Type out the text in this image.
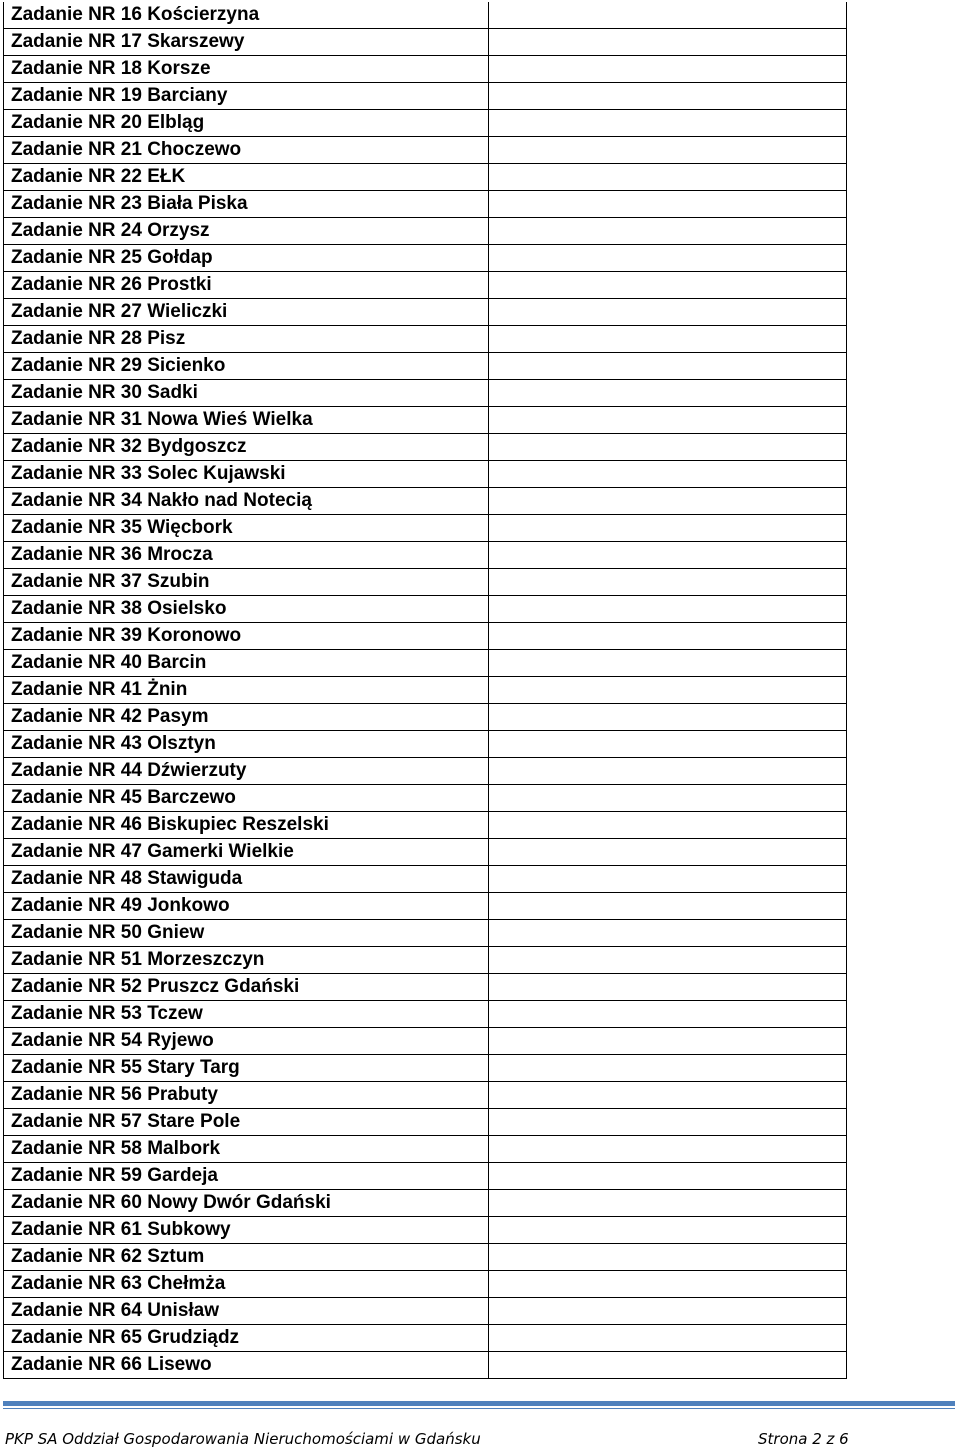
Zadanie NR 16 Kościerzyna		
Zadanie NR 17 Skarszewy		
Zadanie NR 18 Korsze		
Zadanie NR 19 Barciany		
Zadanie NR 20 Elbląg		
Zadanie NR 21 Choczewo		
Zadanie NR 22 EŁK		
Zadanie NR 23 Biała Piska		
Zadanie NR 24 Orzysz		
Zadanie NR 25 Gołdap		
Zadanie NR 26 Prostki		
Zadanie NR 27 Wieliczki		
Zadanie NR 28 Pisz		
Zadanie NR 29 Sicienko		
Zadanie NR 30 Sadki		
Zadanie NR 31 Nowa Wieś Wielka		
Zadanie NR 32 Bydgoszcz		
Zadanie NR 33 Solec Kujawski		
Zadanie NR 34 Nakło nad Notecią		
Zadanie NR 35 Więcbork		
Zadanie NR 36 Mrocza		
Zadanie NR 37 Szubin		
Zadanie NR 38 Osielsko		
Zadanie NR 39 Koronowo		
Zadanie NR 40 Barcin		
Zadanie NR 41 Żnin		
Zadanie NR 42 Pasym		
Zadanie NR 43 Olsztyn		
Zadanie NR 44 Dźwierzuty		
Zadanie NR 45 Barczewo		
Zadanie NR 46 Biskupiec Reszelski		
Zadanie NR 47 Gamerki Wielkie		
Zadanie NR 48 Stawiguda		
Zadanie NR 49 Jonkowo		
Zadanie NR 50 Gniew		
Zadanie NR 51 Morzeszczyn		
Zadanie NR 52 Pruszcz Gdański		
Zadanie NR 53 Tczew		
Zadanie NR 54 Ryjewo		
Zadanie NR 55 Stary Targ		
Zadanie NR 56 Prabuty		
Zadanie NR 57 Stare Pole		
Zadanie NR 58 Malbork		
Zadanie NR 59 Gardeja		
Zadanie NR 60 Nowy Dwór Gdański		
Zadanie NR 61 Subkowy		
Zadanie NR 62 Sztum		
Zadanie NR 63 Chełmża		
Zadanie NR 64 Unisław		
Zadanie NR 65 Grudziądz		
Zadanie NR 66 Lisewo		
PKP SA Oddział Gospodarowania Nieruchomościami w Gdańsku	Strona 2 z 6
